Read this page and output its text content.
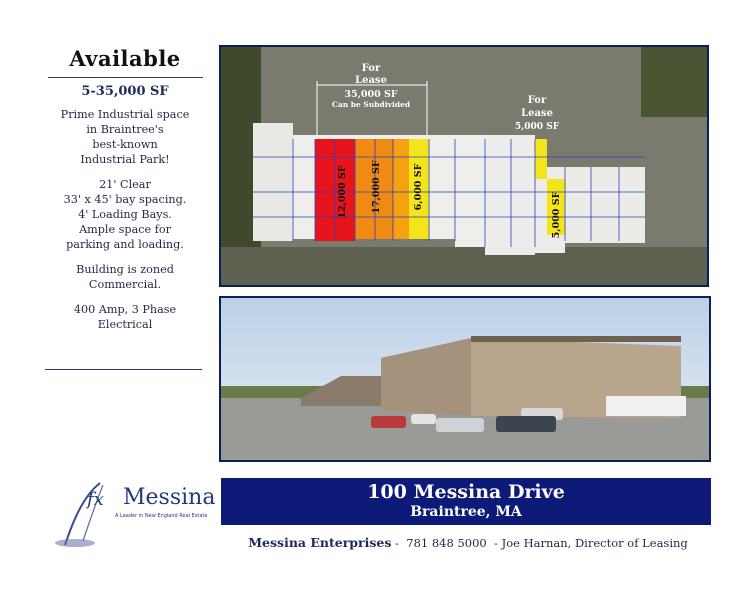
Available
5-35,000 SF
Prime Industrial space
in Braintree's
best-known
Industrial Park!
21' Clear
33' x 45' bay spacing.
4' Loading Bays.
Ample space for
parking and loading.
Building is zoned
Commercial.
400 Amp, 3 Phase
Electrical
For
Lease
35,000 SF
Can be Subdivided	For
Lease
5,000 SF
12,000 SF 17,000 SF	6,000 SF
5,000 SF
fx Messina
A Leader in New England Real Estate
100 Messina Drive
Braintree, MA
Messina Enterprises -  781 848 5000  - Joe Harnan, Director of Leasing
